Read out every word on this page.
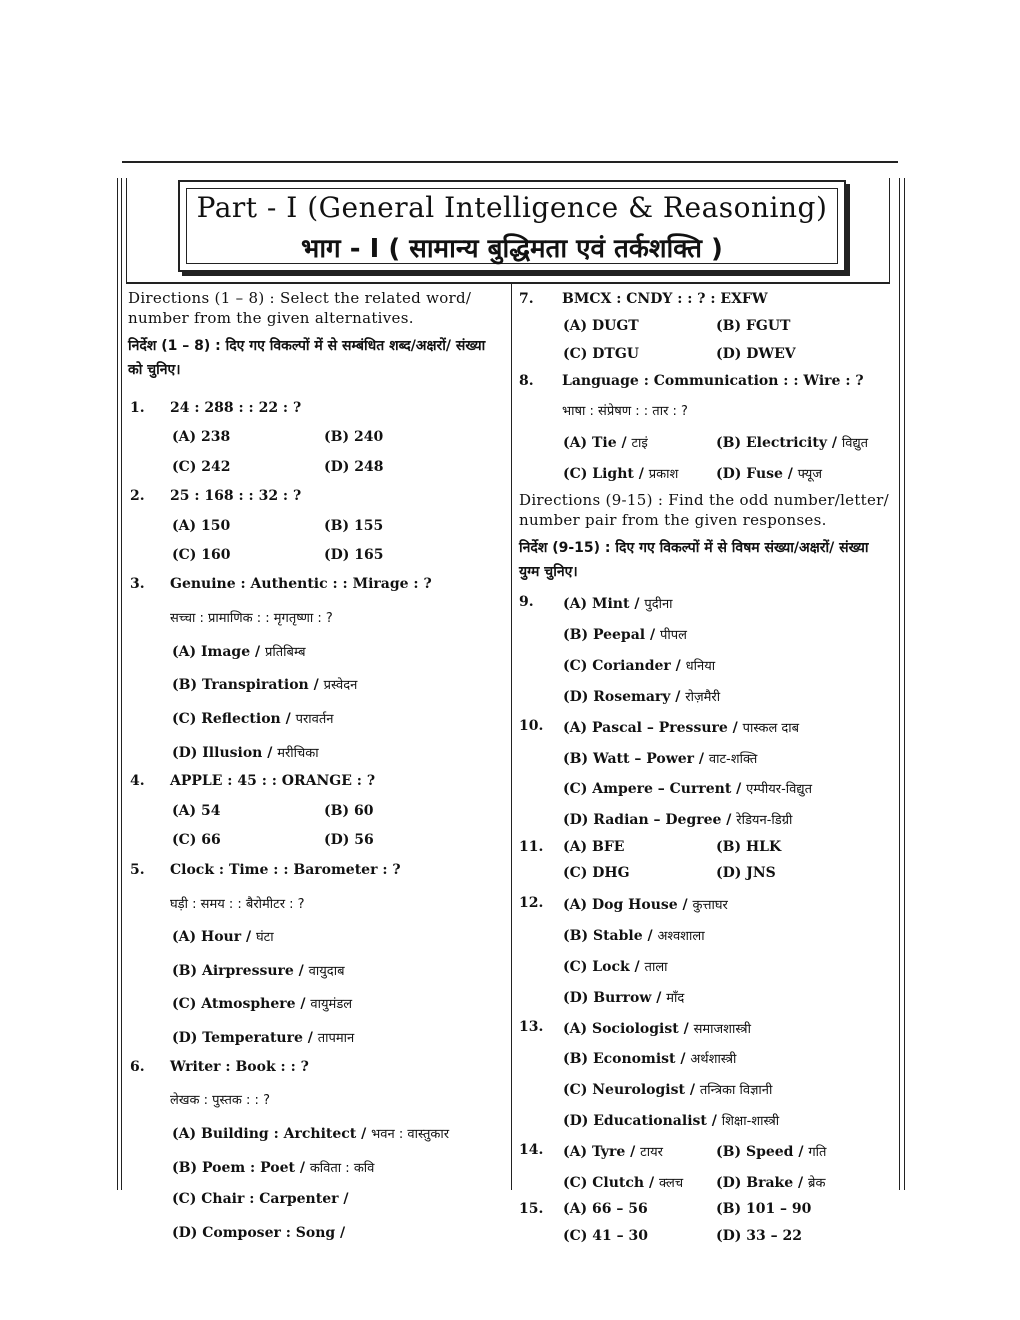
Part - I (General Intelligence & Reasoning)
भाग - I ( सामान्य बुद्धिमता एवं तर्कशक्ति )
Directions (1 – 8) : Select the related word/ number from the given alternatives.
निर्देश (1 – 8) : दिए गए विकल्पों में से सम्बंधित शब्द/अक्षरों/ संख्या को चुनिए।
1. 24 : 288 : : 22 : ?
(A) 238	(B) 240
(C) 242	(D) 248
2. 25 : 168 : : 32 : ?
(A) 150	(B) 155
(C) 160	(D) 165
3. Genuine : Authentic : : Mirage : ?
सच्चा : प्रामाणिक : : मृगतृष्णा : ?
(A) Image / प्रतिबिम्ब
(B) Transpiration / प्रस्वेदन
(C) Reflection / परावर्तन
(D) Illusion / मरीचिका
4. APPLE : 45 : : ORANGE : ?
(A) 54	(B) 60
(C) 66	(D) 56
5. Clock : Time : : Barometer : ?
घड़ी : समय : : बैरोमीटर : ?
(A) Hour / घंटा
(B) Airpressure / वायुदाब
(C) Atmosphere / वायुमंडल
(D) Temperature / तापमान
6. Writer : Book : : ?
लेखक : पुस्तक : : ?
(A) Building : Architect / भवन : वास्तुकार
(B) Poem : Poet / कविता : कवि
(C) Chair : Carpenter /
(D) Composer : Song /
7. BMCX : CNDY : : ? : EXFW
(A) DUGT	(B) FGUT
(C) DTGU	(D) DWEV
8. Language : Communication : : Wire : ?
भाषा : संप्रेषण : : तार : ?
(A) Tie / टाइं	(B) Electricity / विद्युत
(C) Light / प्रकाश	(D) Fuse / फ्यूज
Directions (9-15) : Find the odd number/letter/ number pair from the given responses.
निर्देश (9-15) : दिए गए विकल्पों में से विषम संख्या/अक्षरों/ संख्या युग्म चुनिए।
9. (A) Mint / पुदीना
(B) Peepal / पीपल
(C) Coriander / धनिया
(D) Rosemary / रोज़मैरी
10. (A) Pascal – Pressure / पास्कल दाब
(B) Watt – Power / वाट-शक्ति
(C) Ampere – Current / एम्पीयर-विद्युत
(D) Radian – Degree / रेडियन-डिग्री
11. (A) BFE	(B) HLK
(C) DHG	(D) JNS
12. (A) Dog House / कुत्ताघर
(B) Stable / अश्वशाला
(C) Lock / ताला
(D) Burrow / माँद
13. (A) Sociologist / समाजशास्त्री
(B) Economist / अर्थशास्त्री
(C) Neurologist / तन्त्रिका विज्ञानी
(D) Educationalist / शिक्षा-शास्त्री
14. (A) Tyre / टायर	(B) Speed / गति
(C) Clutch / क्लच (D) Brake / ब्रेक
15. (A) 66 – 56	(B) 101 – 90
(C) 41 – 30	(D) 33 – 22
